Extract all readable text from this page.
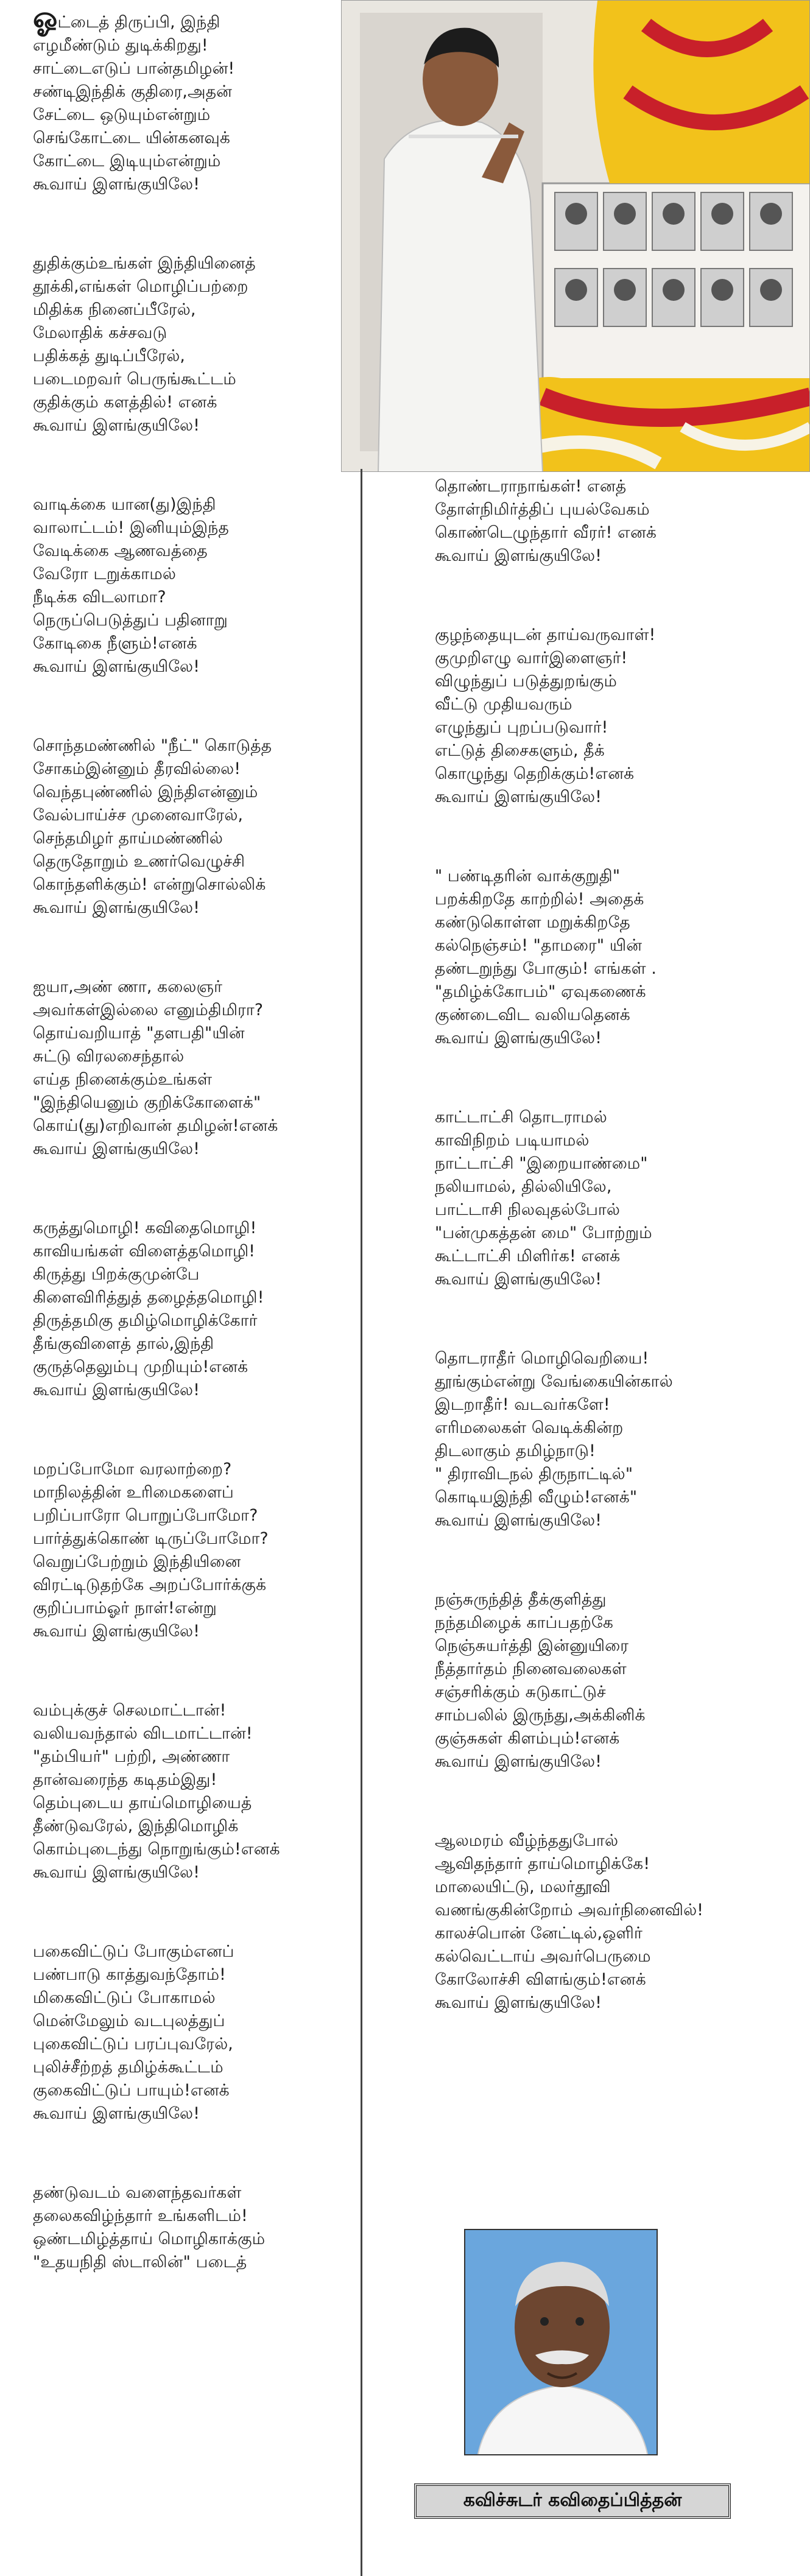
ஓட்டைத் திருப்பி, இந்தி
எழமீண்டும் துடிக்கிறது!
சாட்டைஎடுப் பான்தமிழன்!
சண்டிஇந்திக் குதிரை,அதன்
சேட்டை ஒடுயும்என்றும்
செங்கோட்டை யின்கனவுக்
கோட்டை இடியும்என்றும்
கூவாய் இளங்குயிலே!
துதிக்கும்உங்கள் இந்தியினைத்
தூக்கி,எங்கள் மொழிப்பற்றை
மிதிக்க நினைப்பீரேல்,
மேலாதிக் கச்சவடு
பதிக்கத் துடிப்பீரேல்,
படைமறவர் பெருங்கூட்டம்
குதிக்கும் களத்தில்! எனக்
கூவாய் இளங்குயிலே!
வாடிக்கை யான(து)இந்தி
வாலாட்டம்! இனியும்இந்த
வேடிக்கை ஆணவத்தை
வேரோ டறுக்காமல்
நீடிக்க விடலாமா?
நெருப்பெடுத்துப் பதினாறு
கோடிகை நீளும்!எனக்
கூவாய் இளங்குயிலே!
சொந்தமண்ணில் "நீட்" கொடுத்த
சோகம்இன்னும் தீரவில்லை!
வெந்தபுண்ணில் இந்திஎன்னும்
வேல்பாய்ச்ச முனைவாரேல்,
செந்தமிழர் தாய்மண்ணில்
தெருதோறும் உணர்வெழுச்சி
கொந்தளிக்கும்! என்றுசொல்லிக்
கூவாய் இளங்குயிலே!
ஐயா,அண் ணா, கலைஞர்
அவர்கள்இல்லை எனும்திமிரா?
தொய்வறியாத் "தளபதி"யின்
சுட்டு விரலசைந்தால்
எய்த நினைக்கும்உங்கள்
"இந்தியெனும் குறிக்கோளைக்"
கொய்(து)எறிவான் தமிழன்!எனக்
கூவாய் இளங்குயிலே!
கருத்துமொழி! கவிதைமொழி!
காவியங்கள் விளைத்தமொழி!
கிருத்து பிறக்குமுன்பே
கிளைவிரித்துத் தழைத்தமொழி!
திருத்தமிகு தமிழ்மொழிக்கோர்
தீங்குவிளைத் தால்,இந்தி
குருத்தெலும்பு முறியும்!எனக்
கூவாய் இளங்குயிலே!
மறப்போமோ வரலாற்றை?
மாநிலத்தின் உரிமைகளைப்
பறிப்பாரோ பொறுப்போமோ?
பார்த்துக்கொண் டிருப்போமோ?
வெறுப்பேற்றும் இந்தியினை
விரட்டிடுதற்கே அறப்போர்க்குக்
குறிப்பாம்ஓர் நாள்!என்று
கூவாய் இளங்குயிலே!
வம்புக்குச் செலமாட்டான்!
வலியவந்தால் விடமாட்டான்!
"தம்பியர்" பற்றி, அண்ணா
தான்வரைந்த கடிதம்இது!
தெம்புடைய தாய்மொழியைத்
தீண்டுவரேல், இந்திமொழிக்
கொம்புடைந்து நொறுங்கும்!எனக்
கூவாய் இளங்குயிலே!
பகைவிட்டுப் போகும்எனப்
பண்பாடு காத்துவந்தோம்!
மிகைவிட்டுப் போகாமல்
மென்மேலும் வடபுலத்துப்
புகைவிட்டுப் பரப்புவரேல்,
புலிச்சீற்றத் தமிழ்க்கூட்டம்
குகைவிட்டுப் பாயும்!எனக்
கூவாய் இளங்குயிலே!
தண்டுவடம் வளைந்தவர்கள்
தலைகவிழ்ந்தார் உங்களிடம்!
ஒண்டமிழ்த்தாய் மொழிகாக்கும்
"உதயநிதி ஸ்டாலின்" படைத்
தொண்டராநாங்கள்! எனத்
தோள்நிமிர்த்திப் புயல்வேகம்
கொண்டெழுந்தார் வீரர்! எனக்
கூவாய் இளங்குயிலே!
குழந்தையுடன் தாய்வருவாள்!
குமுறிஎழு வார்இளைஞர்!
விழுந்துப் படுத்துறங்கும்
வீட்டு முதியவரும்
எழுந்துப் புறப்படுவார்!
எட்டுத் திசைகளும், தீக்
கொழுந்து தெறிக்கும்!எனக்
கூவாய் இளங்குயிலே!
" பண்டிதரின் வாக்குறுதி"
பறக்கிறதே காற்றில்! அதைக்
கண்டுகொள்ள மறுக்கிறதே
கல்நெஞ்சம்! "தாமரை" யின்
தண்டறுந்து போகும்! எங்கள் .
"தமிழ்க்கோபம்" ஏவுகணைக்
குண்டைவிட வலியதெனக்
கூவாய் இளங்குயிலே!
காட்டாட்சி தொடராமல்
காவிநிறம் படியாமல்
நாட்டாட்சி "இறையாண்மை"
நலியாமல், தில்லியிலே,
பாட்டாசி நிலவுதல்போல்
"பன்முகத்தன் மை" போற்றும்
கூட்டாட்சி மிளிர்க! எனக்
கூவாய் இளங்குயிலே!
தொடராதீர் மொழிவெறியை!
தூங்கும்என்று வேங்கையின்கால்
இடறாதீர்! வடவர்களே!
எரிமலைகள் வெடிக்கின்ற
திடலாகும் தமிழ்நாடு!
" திராவிடநல் திருநாட்டில்"
கொடியஇந்தி வீழும்!எனக்"
கூவாய் இளங்குயிலே!
நஞ்சுருந்தித் தீக்குளித்து
நந்தமிழைக் காப்பதற்கே
நெஞ்சுயர்த்தி இன்னுயிரை
நீத்தார்தம் நினைவலைகள்
சஞ்சரிக்கும் சுடுகாட்டுச்
சாம்பலில் இருந்து,அக்கினிக்
குஞ்சுகள் கிளம்பும்!எனக்
கூவாய் இளங்குயிலே!
ஆலமரம் வீழ்ந்ததுபோல்
ஆவிதந்தார் தாய்மொழிக்கே!
மாலையிட்டு, மலர்தூவி
வணங்குகின்றோம் அவர்நினைவில்!
காலச்பொன் னேட்டில்,ஒளிர்
கல்வெட்டாய் அவர்பெருமை
கோலோச்சி விளங்கும்!எனக்
கூவாய் இளங்குயிலே!
கவிச்சுடர் கவிதைப்பித்தன்
